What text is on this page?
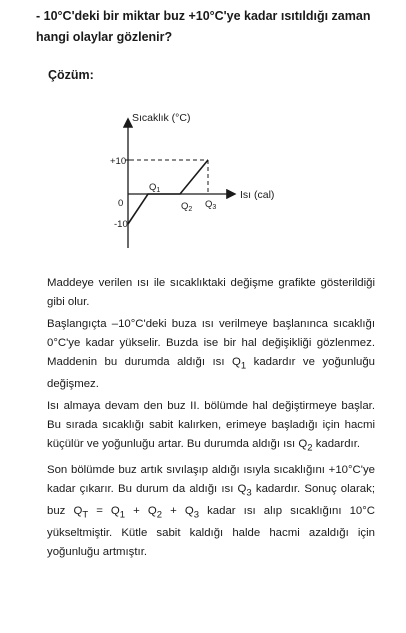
- 10°C'deki bir miktar buz +10°C'ye kadar ısıtıldığı zaman hangi olaylar gözlenir?
Çözüm:
Sıcaklık (°C)
Isı (cal)
+10
-10
0
$Q_1$
$Q_2$ $Q_3$

Maddeye verilen ısı ile sıcaklıktaki değişme grafikte gösterildiği gibi olur.

Başlangıçta –10°C'deki buza ısı verilmeye başlanınca sıcaklığı 0°C'ye kadar yükselir. Buzda ise bir hal değişikliği gözlenmez. Maddenin bu durumda aldığı ısı $Q_1$ kadardır ve yoğunluğu değişmez.

Isı almaya devam den buz II. bölümde hal değiştirmeye başlar. Bu sırada sıcaklığı sabit kalırken, erimeye başladığı için hacmi küçülür ve yoğunluğu artar. Bu durumda aldığı ısı $Q_2$ kadardır.

Son bölümde buz artık sıvılaşıp aldığı ısıyla sıcaklığını +10°C'ye kadar çıkarır. Bu durum da aldığı ısı $Q_3$ kadardır. Sonuç olarak; buz $Q_T = Q_1 + Q_2 + Q_3$ kadar ısı alıp sıcaklığını 10°C yükseltmiştir. Kütle sabit kaldığı halde hacmi azaldığı için yoğunluğu artmıştır.
